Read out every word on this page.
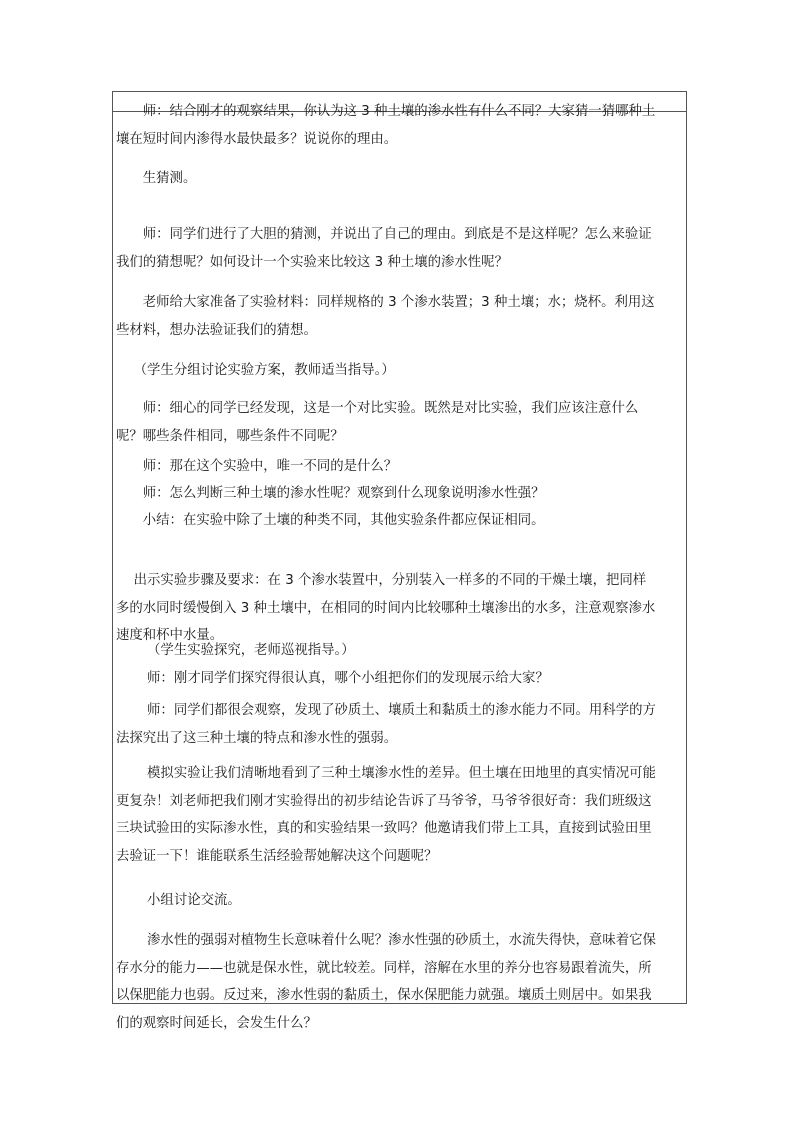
　　师：结合刚才的观察结果，你认为这 3 种土壤的渗水性有什么不同？大家猜一猜哪种土
壤在短时间内渗得水最快最多？说说你的理由。
　　生猜测。
　　师：同学们进行了大胆的猜测，并说出了自己的理由。到底是不是这样呢？怎么来验证
我们的猜想呢？如何设计一个实验来比较这 3 种土壤的渗水性呢？
　　老师给大家准备了实验材料：同样规格的 3 个渗水装置；3 种土壤；水；烧杯。利用这
些材料，想办法验证我们的猜想。
　 （学生分组讨论实验方案，教师适当指导。）
　　师：细心的同学已经发现，这是一个对比实验。既然是对比实验，我们应该注意什么
呢？哪些条件相同，哪些条件不同呢？
　　师：那在这个实验中，唯一不同的是什么？
　　师：怎么判断三种土壤的渗水性呢？观察到什么现象说明渗水性强？
　　小结：在实验中除了土壤的种类不同，其他实验条件都应保证相同。
　 出示实验步骤及要求：在 3 个渗水装置中，分别装入一样多的不同的干燥土壤，把同样
多的水同时缓慢倒入 3 种土壤中，在相同的时间内比较哪种土壤渗出的水多，注意观察渗水
速度和杯中水量。
　　 （学生实验探究，老师巡视指导。）
　　 师：刚才同学们探究得很认真，哪个小组把你们的发现展示给大家？
　　 师：同学们都很会观察，发现了砂质土、壤质土和黏质土的渗水能力不同。用科学的方
法探究出了这三种土壤的特点和渗水性的强弱。
　　 模拟实验让我们清晰地看到了三种土壤渗水性的差异。但土壤在田地里的真实情况可能
更复杂！刘老师把我们刚才实验得出的初步结论告诉了马爷爷，马爷爷很好奇：我们班级这
三块试验田的实际渗水性，真的和实验结果一致吗？他邀请我们带上工具，直接到试验田里
去验证一下！谁能联系生活经验帮她解决这个问题呢？
　　 小组讨论交流。
　　 渗水性的强弱对植物生长意味着什么呢？渗水性强的砂质土，水流失得快，意味着它保
存水分的能力——也就是保水性，就比较差。同样，溶解在水里的养分也容易跟着流失，所
以保肥能力也弱。反过来，渗水性弱的黏质土，保水保肥能力就强。壤质土则居中。如果我
们的观察时间延长，会发生什么？
